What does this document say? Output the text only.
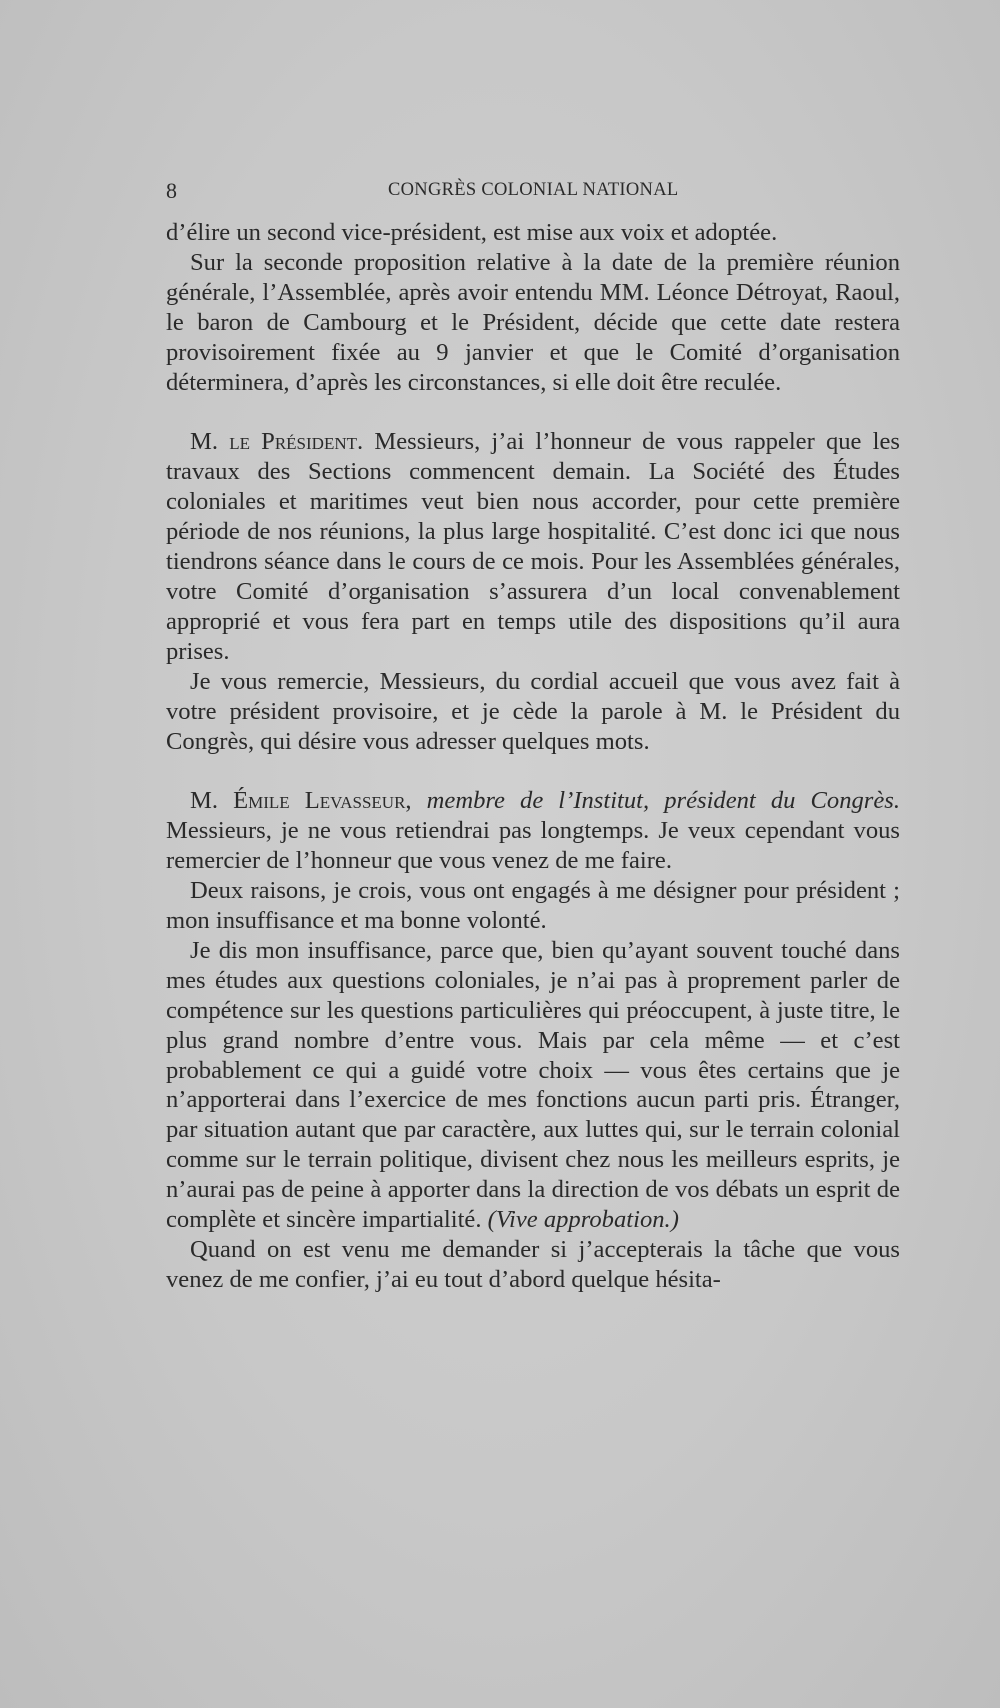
8	CONGRÈS COLONIAL NATIONAL

d’élire un second vice-président, est mise aux voix et adoptée.

Sur la seconde proposition relative à la date de la première réunion générale, l’Assemblée, après avoir entendu MM. Léonce Détroyat, Raoul, le baron de Cambourg et le Président, décide que cette date restera provisoirement fixée au 9 janvier et que le Comité d’organisation déterminera, d’après les circonstances, si elle doit être reculée.

M. le Président. Messieurs, j’ai l’honneur de vous rappeler que les travaux des Sections commencent demain. La Société des Études coloniales et maritimes veut bien nous accorder, pour cette première période de nos réunions, la plus large hospitalité. C’est donc ici que nous tiendrons séance dans le cours de ce mois. Pour les Assemblées générales, votre Comité d’organisation s’assurera d’un local convenablement approprié et vous fera part en temps utile des dispositions qu’il aura prises.

Je vous remercie, Messieurs, du cordial accueil que vous avez fait à votre président provisoire, et je cède la parole à M. le Président du Congrès, qui désire vous adresser quelques mots.

M. Émile Levasseur, membre de l’Institut, président du Congrès. Messieurs, je ne vous retiendrai pas longtemps. Je veux cependant vous remercier de l’honneur que vous venez de me faire.

Deux raisons, je crois, vous ont engagés à me désigner pour président ; mon insuffisance et ma bonne volonté.

Je dis mon insuffisance, parce que, bien qu’ayant souvent touché dans mes études aux questions coloniales, je n’ai pas à proprement parler de compétence sur les questions particulières qui préoccupent, à juste titre, le plus grand nombre d’entre vous. Mais par cela même — et c’est probablement ce qui a guidé votre choix — vous êtes certains que je n’apporterai dans l’exercice de mes fonctions aucun parti pris. Étranger, par situation autant que par caractère, aux luttes qui, sur le terrain colonial comme sur le terrain politique, divisent chez nous les meilleurs esprits, je n’aurai pas de peine à apporter dans la direction de vos débats un esprit de complète et sincère impartialité. (Vive approbation.)

Quand on est venu me demander si j’accepterais la tâche que vous venez de me confier, j’ai eu tout d’abord quelque hésita-
